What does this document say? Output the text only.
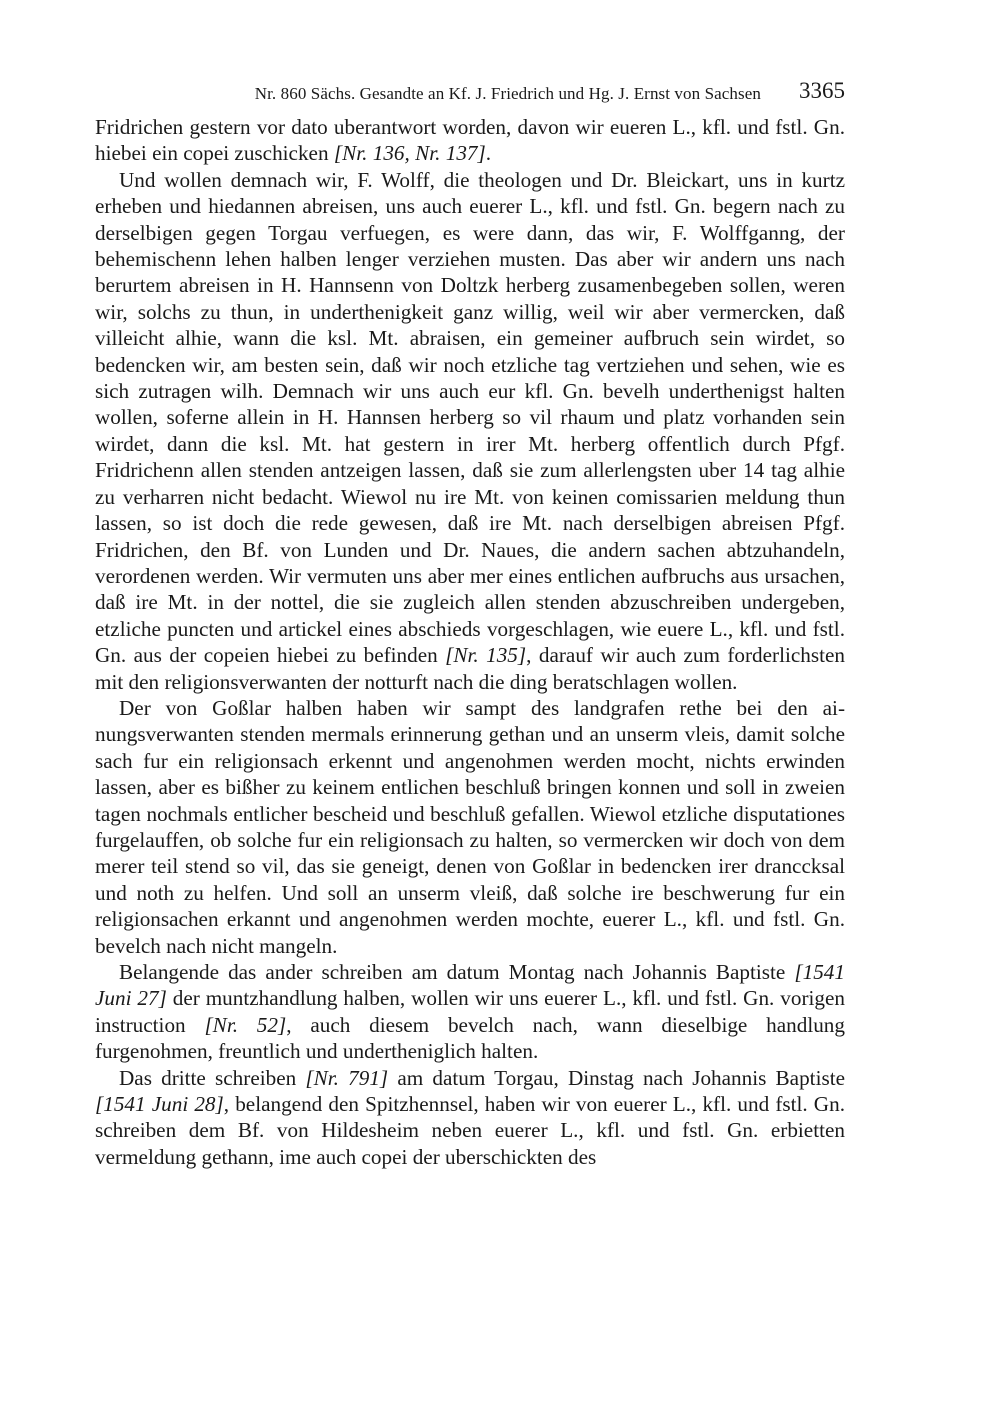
Nr. 860 Sächs. Gesandte an Kf. J. Friedrich und Hg. J. Ernst von Sachsen 3365

Fridrichen gestern vor dato uberantwort worden, davon wir eueren L., kfl. und fstl. Gn. hiebei ein copei zuschicken [Nr. 136, Nr. 137].

Und wollen demnach wir, F. Wolff, die theologen und Dr. Bleickart, uns in kurtz erheben und hiedannen abreisen, uns auch euerer L., kfl. und fstl. Gn. begern nach zu derselbigen gegen Torgau verfuegen, es were dann, das wir, F. Wolffganng, der behemischenn lehen halben lenger verziehen musten. Das aber wir andern uns nach berurtem abreisen in H. Hannsenn von Doltzk herberg zusamenbegeben sollen, weren wir, solchs zu thun, in underthenigkeit ganz willig, weil wir aber vermercken, daß villeicht alhie, wann die ksl. Mt. abraisen, ein gemeiner aufbruch sein wirdet, so bedencken wir, am besten sein, daß wir noch etzliche tag vertziehen und sehen, wie es sich zutragen wilh. Demnach wir uns auch eur kfl. Gn. bevelh underthenigst halten wollen, soferne allein in H. Hannsen herberg so vil rhaum und platz vorhanden sein wirdet, dann die ksl. Mt. hat gestern in irer Mt. herberg offentlich durch Pfgf. Fridrichenn allen stenden antzeigen lassen, daß sie zum allerlengsten uber 14 tag alhie zu verharren nicht bedacht. Wiewol nu ire Mt. von keinen comissarien meldung thun lassen, so ist doch die rede gewesen, daß ire Mt. nach derselbigen abreisen Pfgf. Fridrichen, den Bf. von Lunden und Dr. Naues, die andern sachen abtzuhandeln, verordenen werden. Wir vermuten uns aber mer eines entlichen aufbruchs aus ursachen, daß ire Mt. in der nottel, die sie zugleich allen stenden abzuschreiben undergeben, etzliche puncten und artickel eines abschieds vorgeschlagen, wie euere L., kfl. und fstl. Gn. aus der copeien hiebei zu befinden [Nr. 135], darauf wir auch zum forderlichsten mit den religionsverwanten der notturft nach die ding beratschlagen wollen.

Der von Goßlar halben haben wir sampt des landgrafen rethe bei den ainungsverwanten stenden mermals erinnerung gethan und an unserm vleis, damit solche sach fur ein religionsach erkennt und angenohmen werden mocht, nichts erwinden lassen, aber es bißher zu keinem entlichen beschluß bringen konnen und soll in zweien tagen nochmals entlicher bescheid und beschluß gefallen. Wiewol etzliche disputationes furgelauffen, ob solche fur ein religionsach zu halten, so vermercken wir doch von dem merer teil stend so vil, das sie geneigt, denen von Goßlar in bedencken irer dranccksal und noth zu helfen. Und soll an unserm vleiß, daß solche ire beschwerung fur ein religionsachen erkannt und angenohmen werden mochte, euerer L., kfl. und fstl. Gn. bevelch nach nicht mangeln.

Belangende das ander schreiben am datum Montag nach Johannis Baptiste [1541 Juni 27] der muntzhandlung halben, wollen wir uns euerer L., kfl. und fstl. Gn. vorigen instruction [Nr. 52], auch diesem bevelch nach, wann dieselbige handlung furgenohmen, freuntlich und undertheniglich halten.

Das dritte schreiben [Nr. 791] am datum Torgau, Dinstag nach Johannis Baptiste [1541 Juni 28], belangend den Spitzhennsel, haben wir von euerer L., kfl. und fstl. Gn. schreiben dem Bf. von Hildesheim neben euerer L., kfl. und fstl. Gn. erbietten vermeldung gethann, ime auch copei der uberschickten des
